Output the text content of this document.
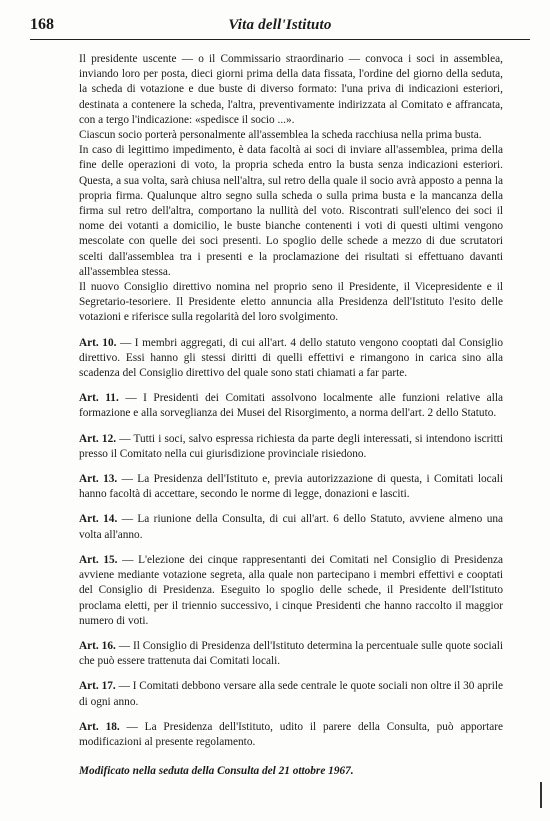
168	Vita dell'Istituto

Il presidente uscente — o il Commissario straordinario — convoca i soci in assemblea, inviando loro per posta, dieci giorni prima della data fissata, l'ordine del giorno della seduta, la scheda di votazione e due buste di diverso formato: l'una priva di indicazioni esteriori, destinata a contenere la scheda, l'altra, preventivamente indirizzata al Comitato e affrancata, con a tergo l'indicazione: «spedisce il socio ...».

Ciascun socio porterà personalmente all'assemblea la scheda racchiusa nella prima busta.

In caso di legittimo impedimento, è data facoltà ai soci di inviare all'assemblea, prima della fine delle operazioni di voto, la propria scheda entro la busta senza indicazioni esteriori. Questa, a sua volta, sarà chiusa nell'altra, sul retro della quale il socio avrà apposto a penna la propria firma. Qualunque altro segno sulla scheda o sulla prima busta e la mancanza della firma sul retro dell'altra, comportano la nullità del voto. Riscontrati sull'elenco dei soci il nome dei votanti a domicilio, le buste bianche contenenti i voti di questi ultimi vengono mescolate con quelle dei soci presenti. Lo spoglio delle schede a mezzo di due scrutatori scelti dall'assemblea tra i presenti e la proclamazione dei risultati si effettuano davanti all'assemblea stessa.

Il nuovo Consiglio direttivo nomina nel proprio seno il Presidente, il Vicepresidente e il Segretario-tesoriere. Il Presidente eletto annuncia alla Presidenza dell'Istituto l'esito delle votazioni e riferisce sulla regolarità del loro svolgimento.

Art. 10. — I membri aggregati, di cui all'art. 4 dello statuto vengono cooptati dal Consiglio direttivo. Essi hanno gli stessi diritti di quelli effettivi e rimangono in carica sino alla scadenza del Consiglio direttivo del quale sono stati chiamati a far parte.

Art. 11. — I Presidenti dei Comitati assolvono localmente alle funzioni relative alla formazione e alla sorveglianza dei Musei del Risorgimento, a norma dell'art. 2 dello Statuto.

Art. 12. — Tutti i soci, salvo espressa richiesta da parte degli interessati, si intendono iscritti presso il Comitato nella cui giurisdizione provinciale risiedono.

Art. 13. — La Presidenza dell'Istituto e, previa autorizzazione di questa, i Comitati locali hanno facoltà di accettare, secondo le norme di legge, donazioni e lasciti.

Art. 14. — La riunione della Consulta, di cui all'art. 6 dello Statuto, avviene almeno una volta all'anno.

Art. 15. — L'elezione dei cinque rappresentanti dei Comitati nel Consiglio di Presidenza avviene mediante votazione segreta, alla quale non partecipano i membri effettivi e cooptati del Consiglio di Presidenza. Eseguito lo spoglio delle schede, il Presidente dell'Istituto proclama eletti, per il triennio successivo, i cinque Presidenti che hanno raccolto il maggior numero di voti.

Art. 16. — Il Consiglio di Presidenza dell'Istituto determina la percentuale sulle quote sociali che può essere trattenuta dai Comitati locali.

Art. 17. — I Comitati debbono versare alla sede centrale le quote sociali non oltre il 30 aprile di ogni anno.

Art. 18. — La Presidenza dell'Istituto, udito il parere della Consulta, può apportare modificazioni al presente regolamento.

Modificato nella seduta della Consulta del 21 ottobre 1967.
